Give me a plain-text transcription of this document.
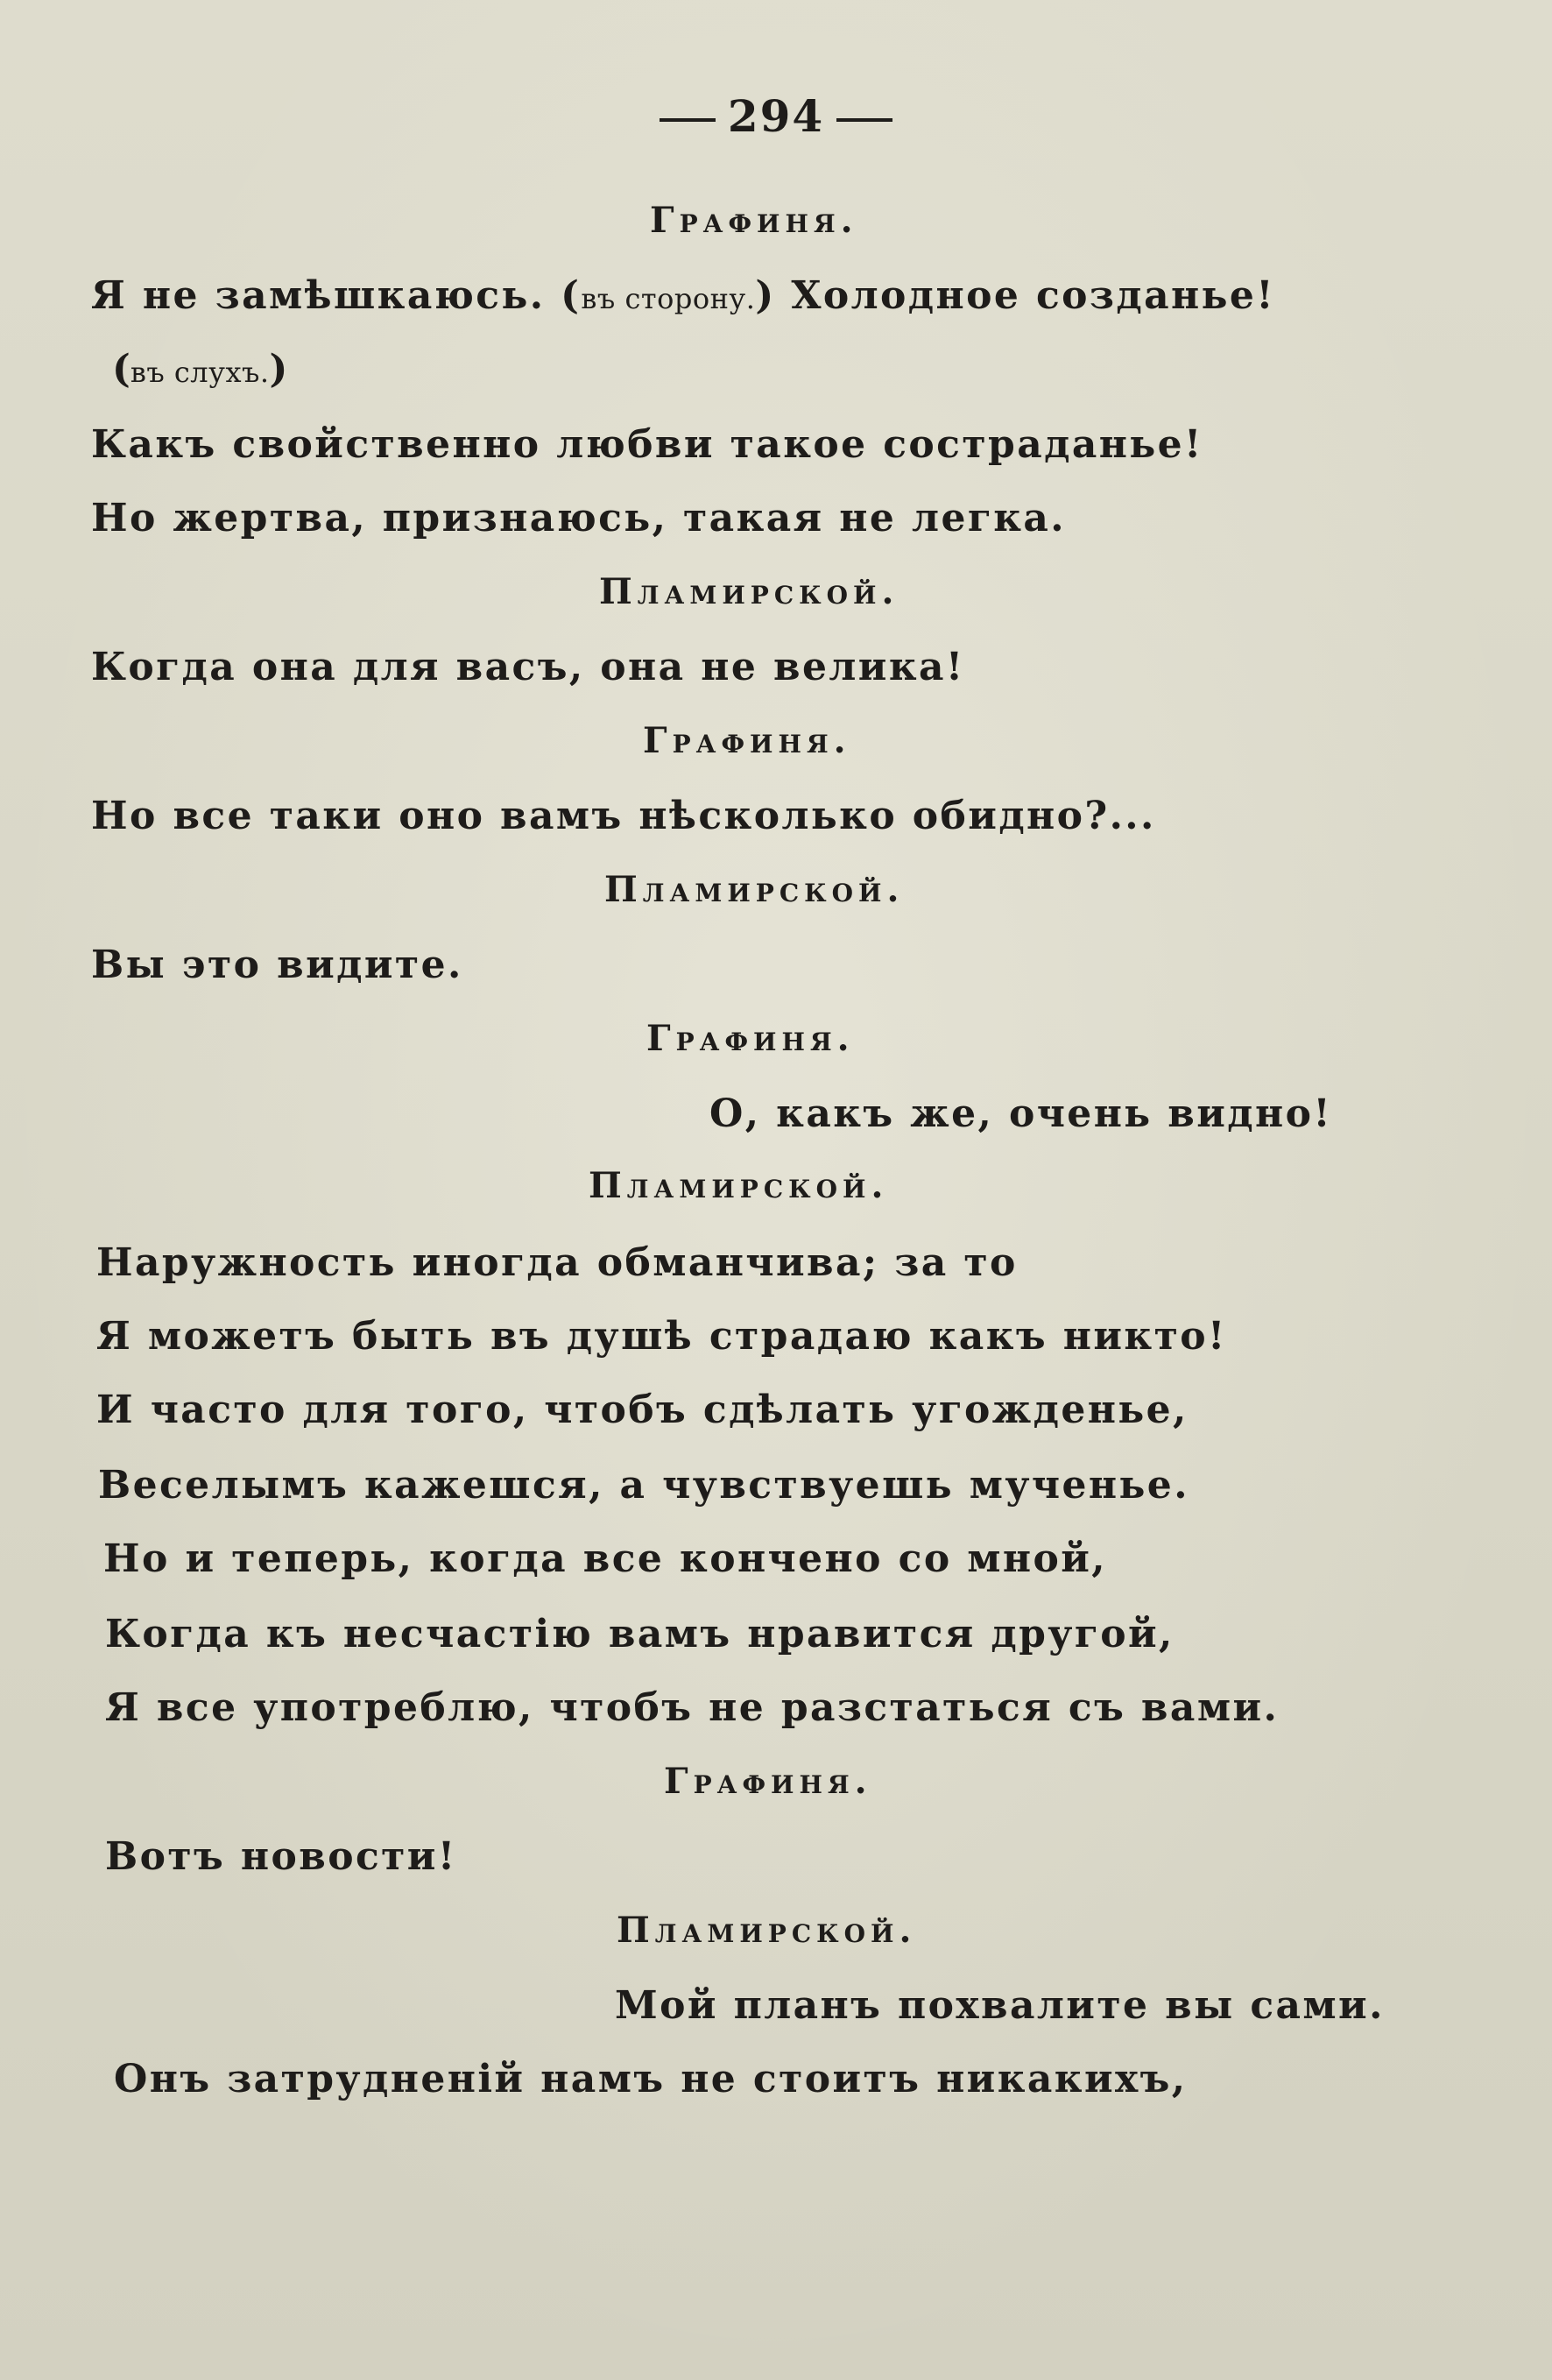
294
Графиня.
Я не замѣшкаюсь. (въ сторону.) Холодное созданье!
(въ слухъ.)
Какъ свойственно любви такое состраданье!
Но жертва, признаюсь, такая не легка.
Пламирской.
Когда она для васъ, она не велика!
Графиня.
Но все таки оно вамъ нѣсколько обидно?...
Пламирской.
Вы это видите.
Графиня.
О, какъ же, очень видно!
Пламирской.
Наружность иногда обманчива; за то
Я можетъ быть въ душѣ страдаю какъ никто!
И часто для того, чтобъ сдѣлать угожденье,
Веселымъ кажешся, а чувствуешь мученье.
Но и теперь, когда все кончено со мной,
Когда къ несчастію вамъ нравится другой,
Я все употреблю, чтобъ не разстаться съ вами.
Графиня.
Вотъ новости!
Пламирской.
Мой планъ похвалите вы сами.
Онъ затрудненій намъ не стоитъ никакихъ,
